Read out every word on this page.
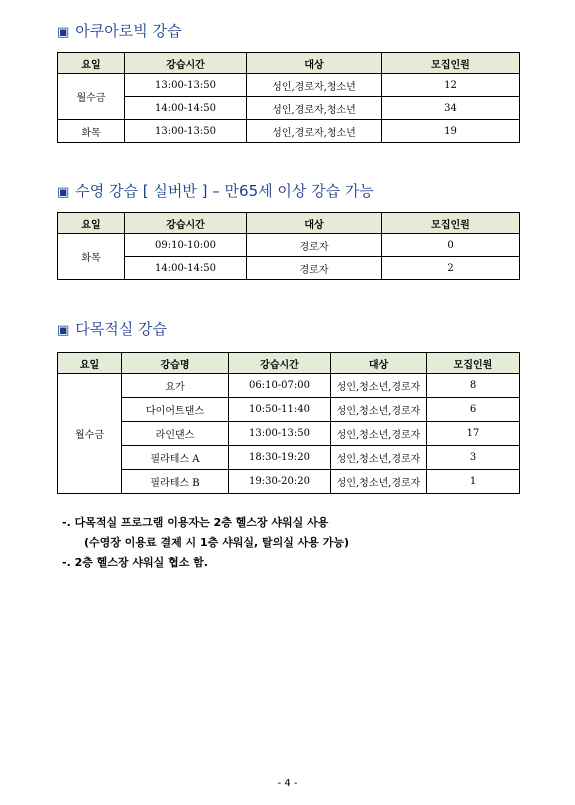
▣ 아쿠아로빅 강습
요일	강습시간	대상	모집인원
월수금	13:00-13:50	성인,경로자,청소년	12
	14:00-14:50	성인,경로자,청소년	34
화목	13:00-13:50	성인,경로자,청소년	19
▣ 수영 강습 [ 실버반 ] – 만65세 이상 강습 가능
요일	강습시간	대상	모집인원
화목	09:10-10:00	경로자	0
	14:00-14:50	경로자	2
▣ 다목적실 강습
요일	강습명	강습시간	대상	모집인원
월수금	요가	06:10-07:00	성인,청소년,경로자	8
	다이어트댄스	10:50-11:40	성인,청소년,경로자	6
	라인댄스	13:00-13:50	성인,청소년,경로자	17
	필라테스 A	18:30-19:20	성인,청소년,경로자	3
	필라테스 B	19:30-20:20	성인,청소년,경로자	1
-. 다목적실 프로그램 이용자는 2층 헬스장 샤워실 사용
(수영장 이용료 결제 시 1층 샤워실, 탈의실 사용 가능)
-. 2층 헬스장 샤워실 협소 함.
- 4 -
